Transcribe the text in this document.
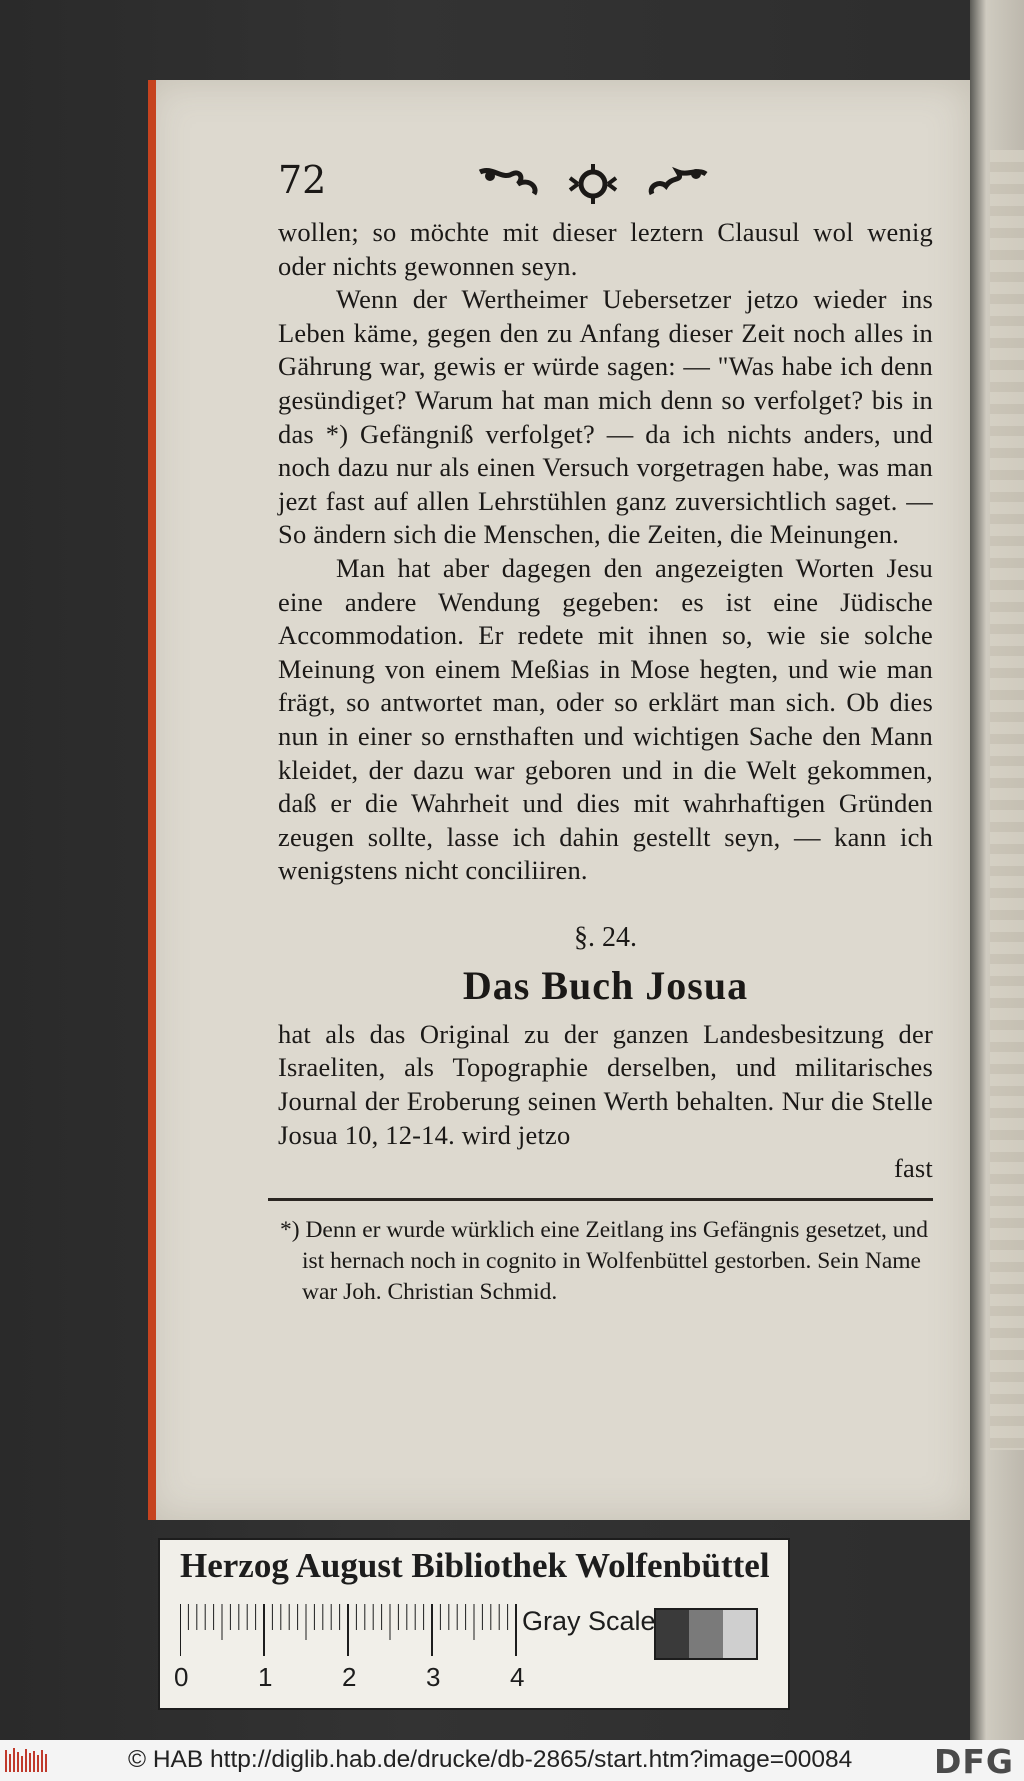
72

wollen; so möchte mit dieser leztern Clausul wol wenig oder nichts gewonnen seyn.

Wenn der Wertheimer Uebersetzer jetzo wieder ins Leben käme, gegen den zu Anfang dieser Zeit noch alles in Gährung war, gewis er würde sagen: — "Was habe ich denn gesündiget? Warum hat man mich denn so verfolget? bis in das *) Gefängniß verfolget? — da ich nichts anders, und noch dazu nur als einen Versuch vorgetragen habe, was man jezt fast auf allen Lehrstühlen ganz zuversichtlich saget. — So ändern sich die Menschen, die Zeiten, die Meinungen.

Man hat aber dagegen den angezeigten Worten Jesu eine andere Wendung gegeben: es ist eine Jüdische Accommodation. Er redete mit ihnen so, wie sie solche Meinung von einem Meßias in Mose hegten, und wie man frägt, so antwortet man, oder so erklärt man sich. Ob dies nun in einer so ernsthaften und wichtigen Sache den Mann kleidet, der dazu war geboren und in die Welt gekommen, daß er die Wahrheit und dies mit wahrhaftigen Gründen zeugen sollte, lasse ich dahin gestellt seyn, — kann ich wenigstens nicht conciliiren.

§. 24.
Das Buch Josua

hat als das Original zu der ganzen Landesbesitzung der Israeliten, als Topographie derselben, und militarisches Journal der Eroberung seinen Werth behalten. Nur die Stelle Josua 10, 12-14. wird jetzo

fast

*) Denn er wurde würklich eine Zeitlang ins Gefängnis gesetzet, und ist hernach noch in cognito in Wolfenbüttel gestorben. Sein Name war Joh. Christian Schmid.

Herzog August Bibliothek Wolfenbüttel
0	1	2	3	4
Gray Scale
© HAB http://diglib.hab.de/drucke/db-2865/start.htm?image=00084 DFG
